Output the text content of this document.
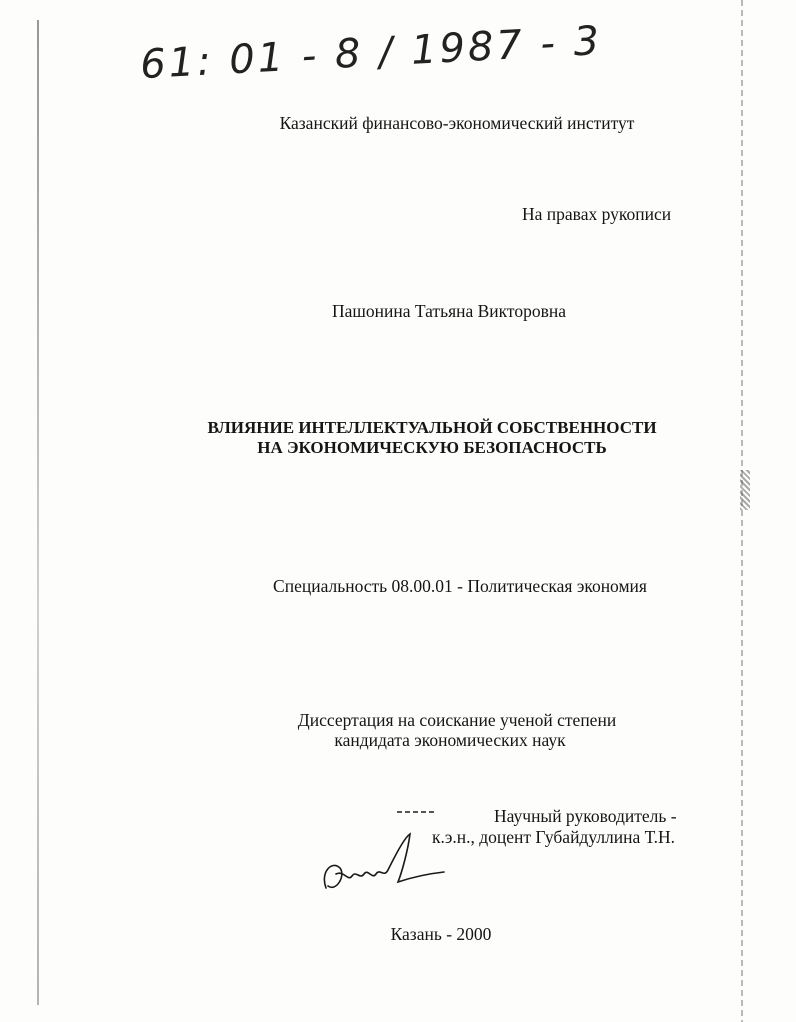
61: 01 - 8 / 1987 - 3
Казанский финансово-экономический институт
На правах рукописи
Пашонина Татьяна Викторовна
ВЛИЯНИЕ ИНТЕЛЛЕКТУАЛЬНОЙ СОБСТВЕННОСТИ
НА ЭКОНОМИЧЕСКУЮ БЕЗОПАСНОСТЬ
Специальность 08.00.01 - Политическая экономия
Диссертация на соискание ученой степени
кандидата экономических наук
Научный руководитель -
к.э.н., доцент Губайдуллина Т.Н.
Казань - 2000
